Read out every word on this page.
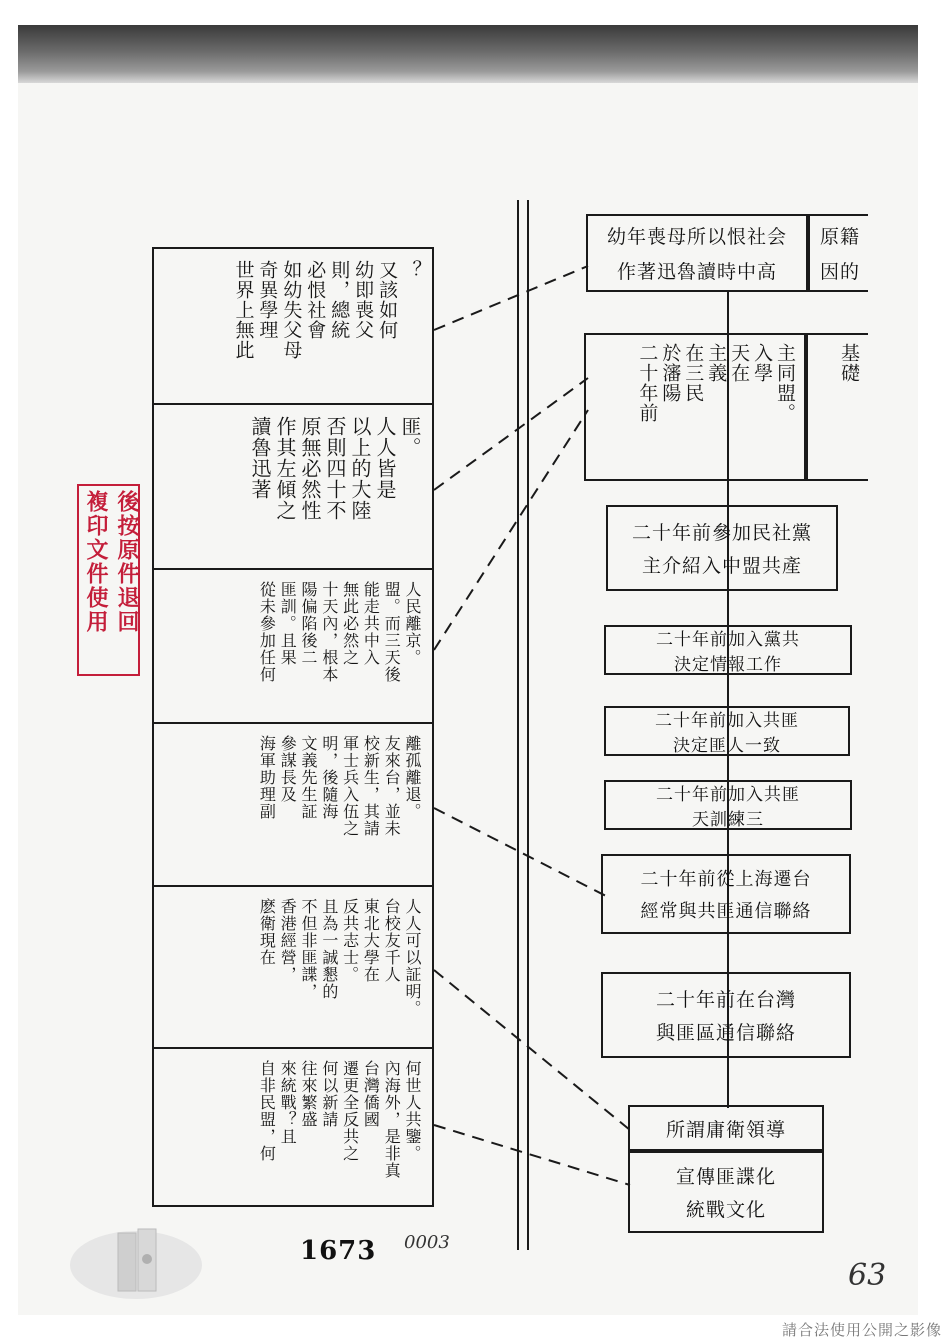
複印文件使用 後按原件退回
世界上無此 奇異學理 如幼失父母 必恨社會 則，總統 幼即喪父 又該如何 ？
讀魯迅著 作其左傾之 原無必然性 否則四十不 以上的大陸 人人皆是 匪。
從未參加任何 匪訓。且果 陽偏陷後二 十天內，根本 無此必然之 能走共中入 盟。而三天後 人民離京。
海軍助理副 參謀長及 文義先生証 明，後隨海 軍士兵入伍之 校新生，其請 友來台，並未 離孤離退。
麽衛現在 香港經營， 不但非匪諜， 且為一誠懇的 反共志士。 東北大學在 台校友千人 人人可以証明。
自非民盟，何 來統戰？且 往來繁盛 何以新請 遷更全反共之 台灣僑國 內海外，是非真 何世人共鑒。
幼年喪母所以恨社会
作著迅魯讀時中高
原籍
因的
二十年前 於瀋陽 在三民 主義 天在 入學 主同盟。 基礎
二十年前參加民社黨
主介紹入中盟共產
二十年前加入黨共
決定情報工作
二十年前加入共匪
決定匪人一致
二十年前加入共匪
天訓練三
二十年前從上海遷台
經常與共匪通信聯絡
二十年前在台灣
與匪區通信聯絡
所謂庸衛領導
宣傳匪諜化
統戰文化
1673 0003
63
請合法使用公開之影像
